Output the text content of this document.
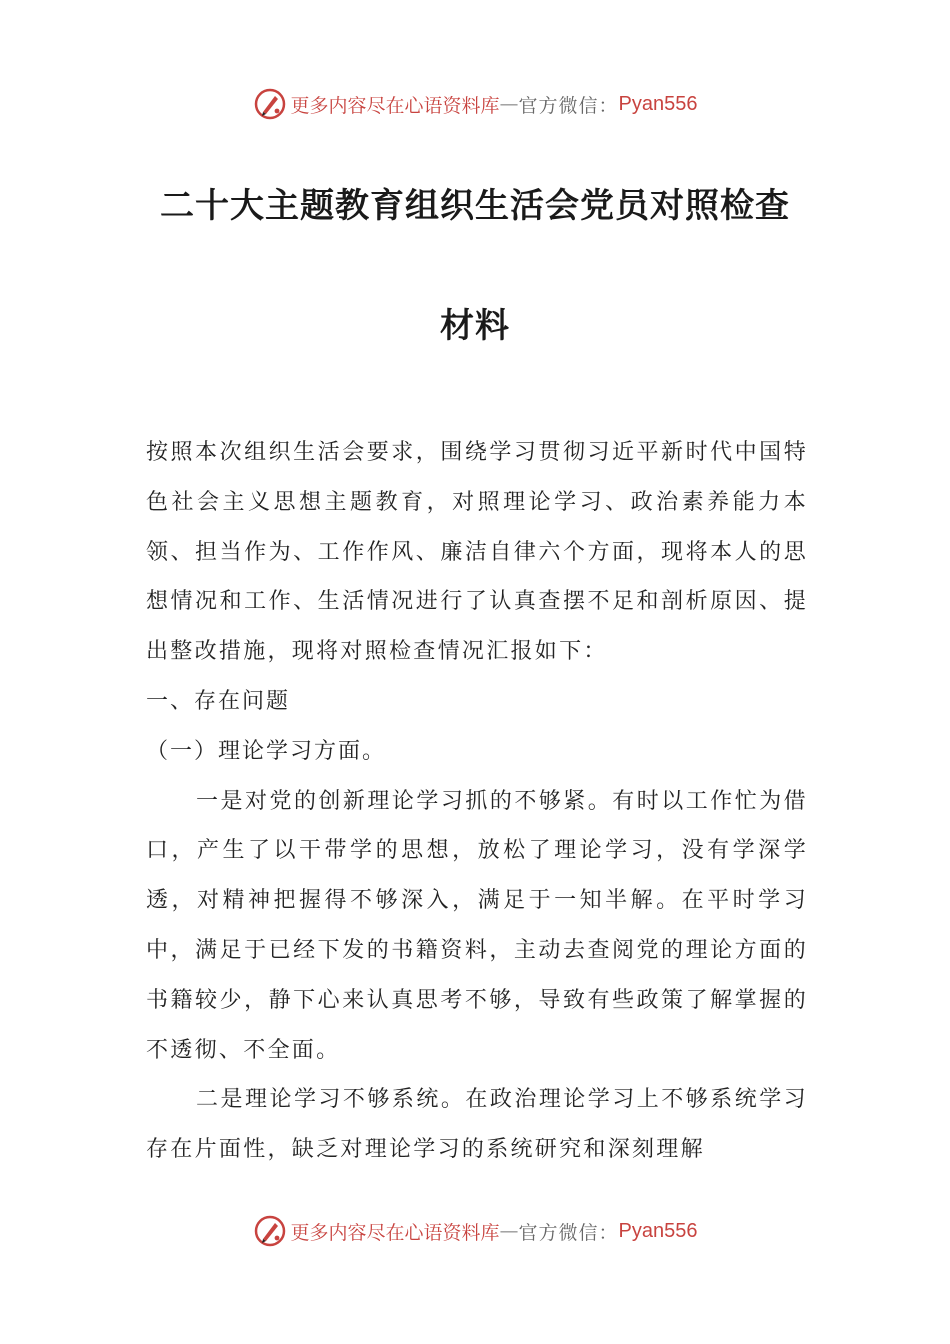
更多内容尽在心语资料库 — 官方微信： Pyan556
二十大主题教育组织生活会党员对照检查
材料

按照本次组织生活会要求，围绕学习贯彻习近平新时代中国特色社会主义思想主题教育，对照理论学习、政治素养能力本领、担当作为、工作作风、廉洁自律六个方面，现将本人的思想情况和工作、生活情况进行了认真查摆不足和剖析原因、提出整改措施，现将对照检查情况汇报如下：

一、存在问题

（一）理论学习方面。

一是对党的创新理论学习抓的不够紧。有时以工作忙为借口，产生了以干带学的思想，放松了理论学习，没有学深学透，对精神把握得不够深入，满足于一知半解。在平时学习中，满足于已经下发的书籍资料，主动去查阅党的理论方面的书籍较少，静下心来认真思考不够，导致有些政策了解掌握的不透彻、不全面。

二是理论学习不够系统。在政治理论学习上不够系统学习存在片面性，缺乏对理论学习的系统研究和深刻理解

更多内容尽在心语资料库 — 官方微信： Pyan556
